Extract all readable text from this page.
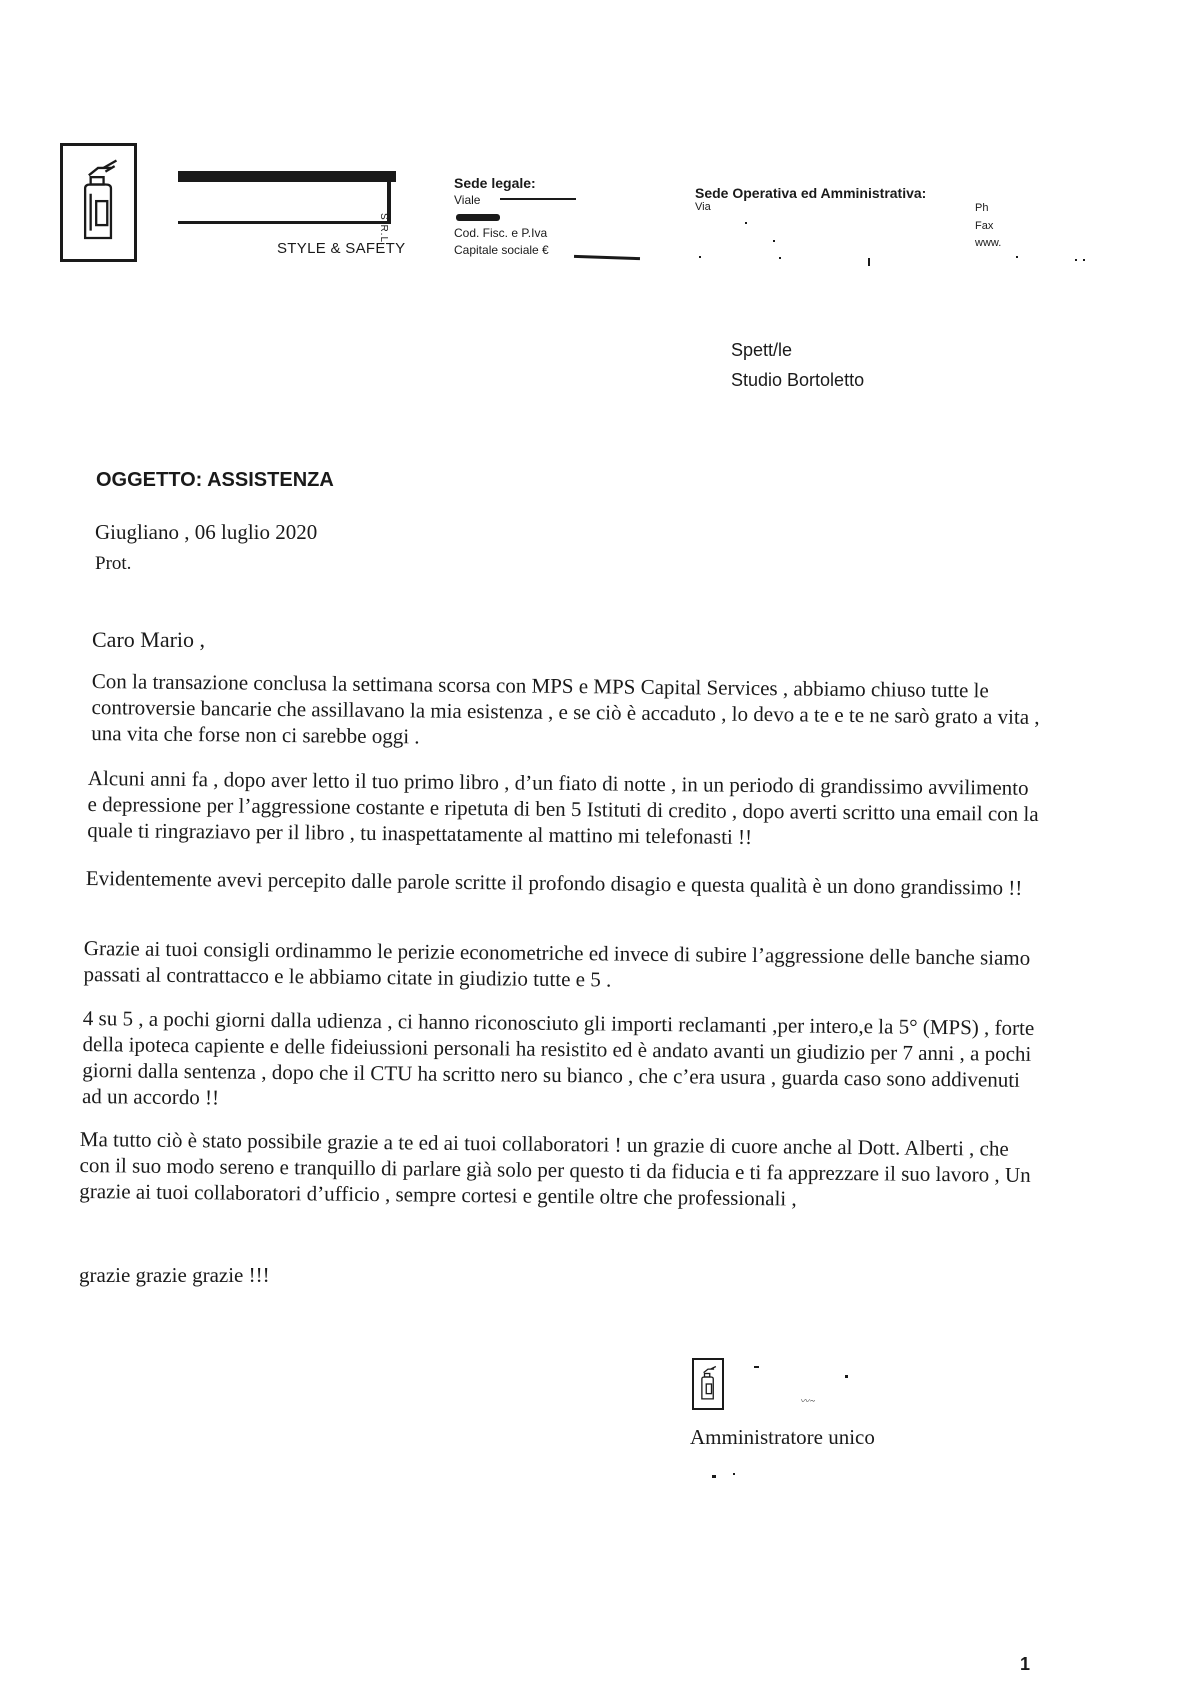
S.R.L
STYLE & SAFETY
Sede legale:
Viale
Cod. Fisc. e P.Iva
Capitale sociale €
Sede Operativa ed Amministrativa:
Via	Ph
Fax
www.
Spett/le
Studio Bortoletto
OGGETTO: ASSISTENZA
Giugliano , 06 luglio 2020
Prot.
Caro Mario ,

Con la transazione conclusa la settimana scorsa con MPS e MPS Capital Services , abbiamo chiuso tutte le controversie bancarie che assillavano la mia esistenza , e se ciò è accaduto , lo devo a te e te ne sarò grato a vita , una vita che forse non ci sarebbe oggi .

Alcuni anni fa , dopo aver letto il tuo primo libro , d’un fiato di notte , in un periodo di grandissimo avvilimento e depressione per l’aggressione costante e ripetuta di ben 5 Istituti di credito , dopo averti scritto una email con la quale ti ringraziavo per il libro , tu inaspettatamente al mattino mi telefonasti !!

Evidentemente avevi percepito dalle parole scritte il profondo disagio e questa qualità è un dono grandissimo !!

Grazie ai tuoi consigli ordinammo le perizie econometriche ed invece di subire l’aggressione delle banche siamo passati al contrattacco e le abbiamo citate in giudizio tutte e 5 .

4 su 5 , a pochi giorni dalla udienza , ci hanno riconosciuto gli importi reclamanti ,per intero,e la 5° (MPS) , forte della ipoteca capiente e delle fideiussioni personali ha resistito ed è andato avanti un giudizio per 7 anni , a pochi giorni dalla sentenza , dopo che il CTU ha scritto nero su bianco , che c’era usura , guarda caso sono addivenuti ad un accordo !!

Ma tutto ciò è stato possibile grazie a te ed ai tuoi collaboratori ! un grazie di cuore anche al Dott. Alberti , che con il suo modo sereno e tranquillo di parlare già solo per questo ti da fiducia e ti fa apprezzare il suo lavoro , Un grazie ai tuoi collaboratori d’ufficio , sempre cortesi e gentile oltre che professionali ,

grazie grazie grazie !!!

〰︎~
Amministratore unico
1
